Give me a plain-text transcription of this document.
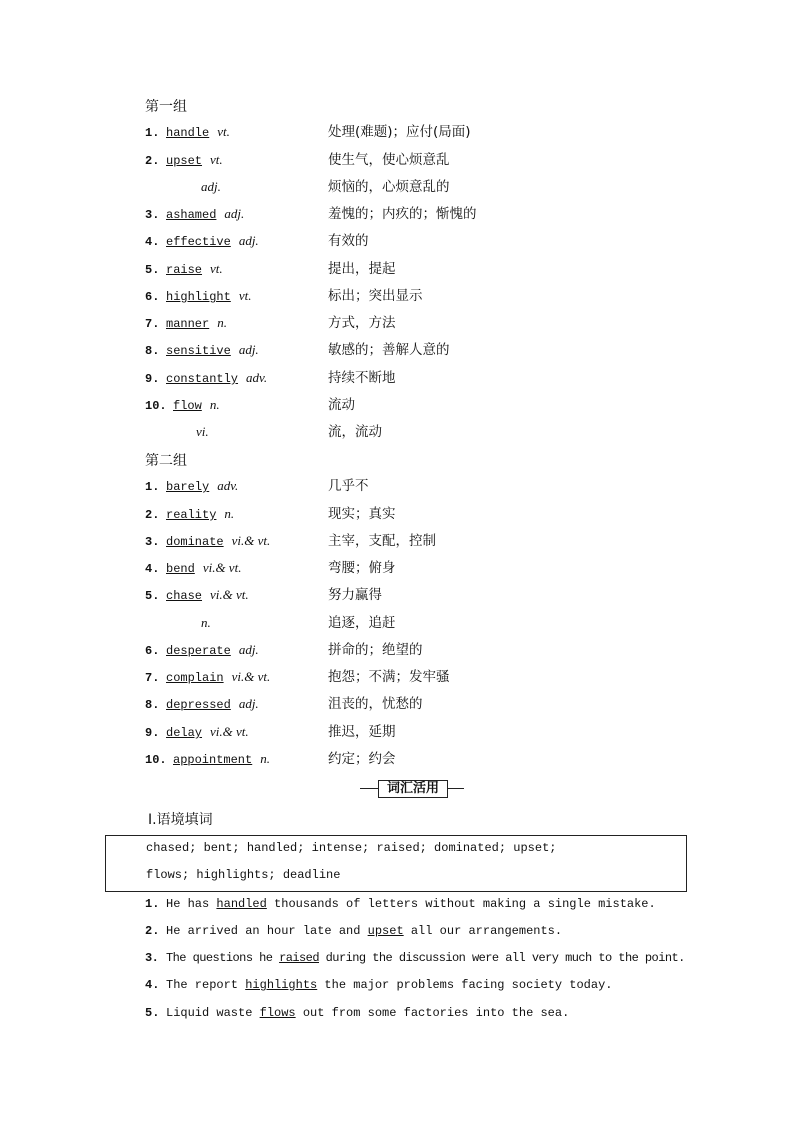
第一组
1. handle vt.	处理(难题)；应付(局面)
2. upset vt.	使生气，使心烦意乱
adj.	烦恼的，心烦意乱的
3. ashamed adj.	羞愧的；内疚的；惭愧的
4. effective adj.	有效的
5. raise vt.	提出，提起
6. highlight vt.	标出；突出显示
7. manner n.	方式，方法
8. sensitive adj.	敏感的；善解人意的
9. constantly adv.	持续不断地
10. flow n.	流动
vi.	流，流动
第二组
1. barely adv.	几乎不
2. reality n.	现实；真实
3. dominate vi.& vt.	主宰，支配，控制
4. bend vi.& vt.	弯腰；俯身
5. chase vi.& vt.	努力赢得
n.	追逐，追赶
6. desperate adj.	拼命的；绝望的
7. complain vi.& vt.	抱怨；不满；发牢骚
8. depressed adj.	沮丧的，忧愁的
9. delay vi.& vt.	推迟，延期
10. appointment n.	约定；约会
词汇活用
Ⅰ.语境填词
chased; bent; handled; intense; raised; dominated; upset;
flows; highlights; deadline
1. He has handled thousands of letters without making a single mistake.
2. He arrived an hour late and upset all our arrangements.
3. The questions he raised during the discussion were all very much to the point.
4. The report highlights the major problems facing society today.
5. Liquid waste flows out from some factories into the sea.
